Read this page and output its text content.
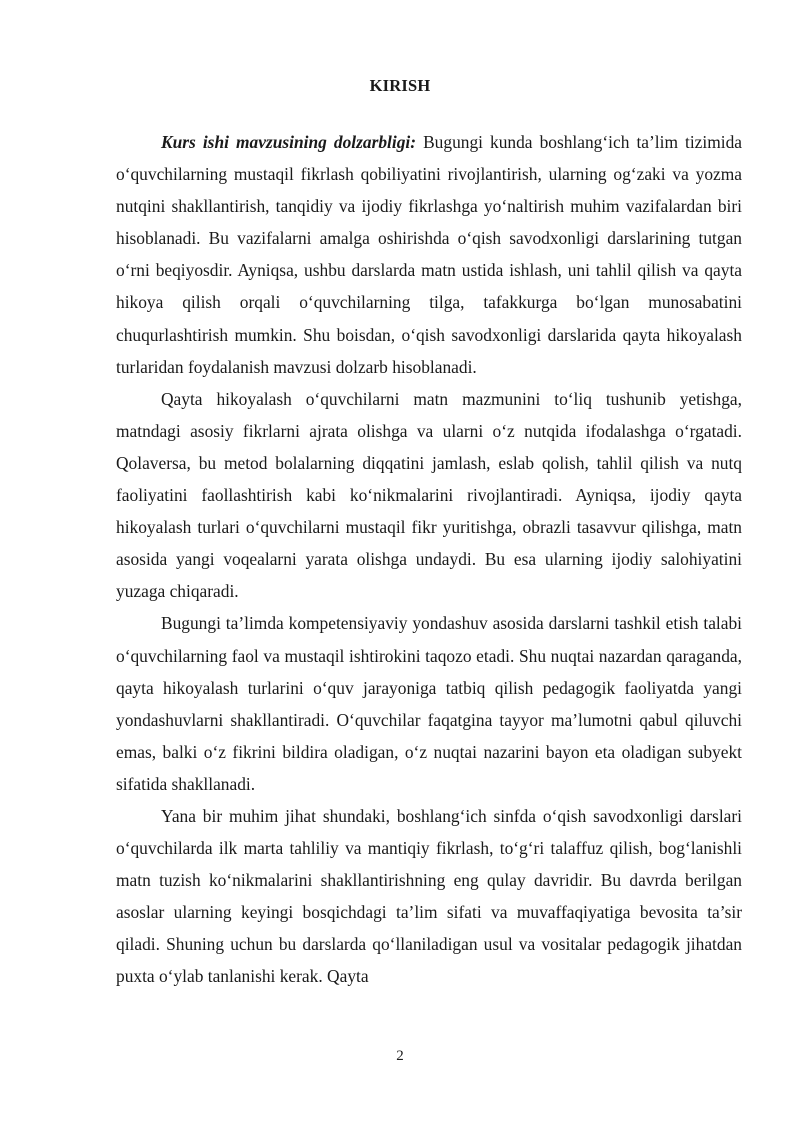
KIRISH

Kurs ishi mavzusining dolzarbligi: Bugungi kunda boshlang‘ich ta’lim tizimida o‘quvchilarning mustaqil fikrlash qobiliyatini rivojlantirish, ularning og‘zaki va yozma nutqini shakllantirish, tanqidiy va ijodiy fikrlashga yo‘naltirish muhim vazifalardan biri hisoblanadi. Bu vazifalarni amalga oshirishda o‘qish savodxonligi darslarining tutgan o‘rni beqiyosdir. Ayniqsa, ushbu darslarda matn ustida ishlash, uni tahlil qilish va qayta hikoya qilish orqali o‘quvchilarning tilga, tafakkurga bo‘lgan munosabatini chuqurlashtirish mumkin. Shu boisdan, o‘qish savodxonligi darslarida qayta hikoyalash turlaridan foydalanish mavzusi dolzarb hisoblanadi.

Qayta hikoyalash o‘quvchilarni matn mazmunini to‘liq tushunib yetishga, matndagi asosiy fikrlarni ajrata olishga va ularni o‘z nutqida ifodalashga o‘rgatadi. Qolaversa, bu metod bolalarning diqqatini jamlash, eslab qolish, tahlil qilish va nutq faoliyatini faollashtirish kabi ko‘nikmalarini rivojlantiradi. Ayniqsa, ijodiy qayta hikoyalash turlari o‘quvchilarni mustaqil fikr yuritishga, obrazli tasavvur qilishga, matn asosida yangi voqealarni yarata olishga undaydi. Bu esa ularning ijodiy salohiyatini yuzaga chiqaradi.

Bugungi ta’limda kompetensiyaviy yondashuv asosida darslarni tashkil etish talabi o‘quvchilarning faol va mustaqil ishtirokini taqozo etadi. Shu nuqtai nazardan qaraganda, qayta hikoyalash turlarini o‘quv jarayoniga tatbiq qilish pedagogik faoliyatda yangi yondashuvlarni shakllantiradi. O‘quvchilar faqatgina tayyor ma’lumotni qabul qiluvchi emas, balki o‘z fikrini bildira oladigan, o‘z nuqtai nazarini bayon eta oladigan subyekt sifatida shakllanadi.

Yana bir muhim jihat shundaki, boshlang‘ich sinfda o‘qish savodxonligi darslari o‘quvchilarda ilk marta tahliliy va mantiqiy fikrlash, to‘g‘ri talaffuz qilish, bog‘lanishli matn tuzish ko‘nikmalarini shakllantirishning eng qulay davridir. Bu davrda berilgan asoslar ularning keyingi bosqichdagi ta’lim sifati va muvaffaqiyatiga bevosita ta’sir qiladi. Shuning uchun bu darslarda qo‘llaniladigan usul va vositalar pedagogik jihatdan puxta o‘ylab tanlanishi kerak. Qayta

2
